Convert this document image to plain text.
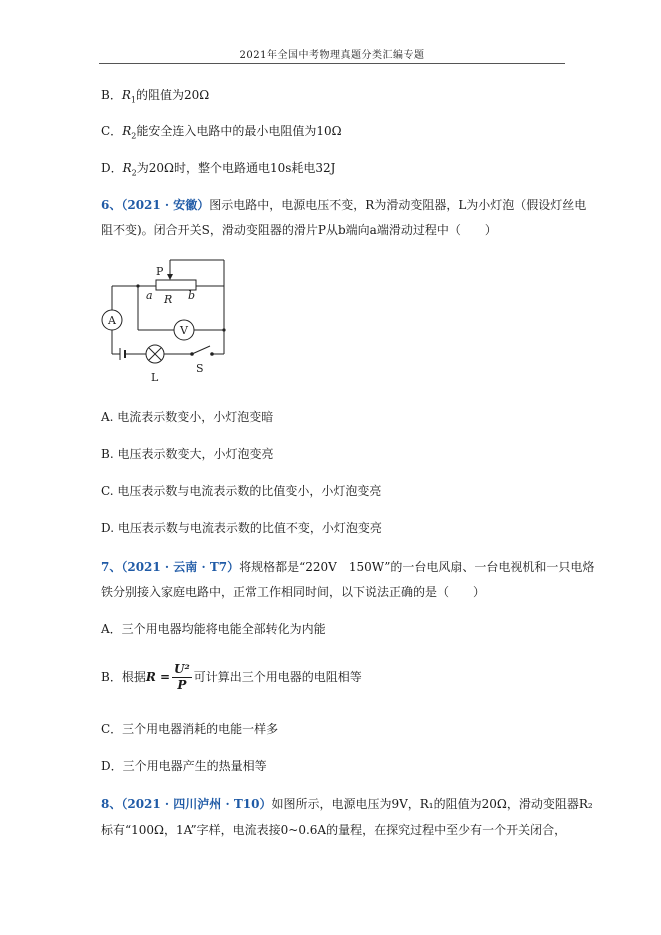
2021年全国中考物理真题分类汇编专题
B．$R_1$的阻值为20Ω
C．$R_2$能安全连入电路中的最小电阻值为10Ω
D．$R_2$为20Ω时，整个电路通电10s耗电32J
6、（2021 · 安徽）图示电路中，电源电压不变，R为滑动变阻器，L为小灯泡（假设灯丝电
阻不变)。闭合开关S，滑动变阻器的滑片P从b端向a端滑动过程中（　　）
A
V
P
a	b
R
L
S
A. 电流表示数变小，小灯泡变暗
B. 电压表示数变大，小灯泡变亮
C. 电压表示数与电流表示数的比值变小，小灯泡变亮
D. 电压表示数与电流表示数的比值不变，小灯泡变亮
7、（2021 · 云南 · T7）将规格都是“220V　150W”的一台电风扇、一台电视机和一只电烙
铁分别接入家庭电路中，正常工作相同时间，以下说法正确的是（　　）
A．三个用电器均能将电能全部转化为内能
B．根据$R = \frac{\text{U²}}{P}$ 可计算出三个用电器的电阻相等
C．三个用电器消耗的电能一样多
D．三个用电器产生的热量相等
8、（2021 · 四川泸州 · T10）如图所示，电源电压为9V，R₁的阻值为20Ω，滑动变阻器R₂
标有“100Ω，1A”字样，电流表接0~0.6A的量程，在探究过程中至少有一个开关闭合，
